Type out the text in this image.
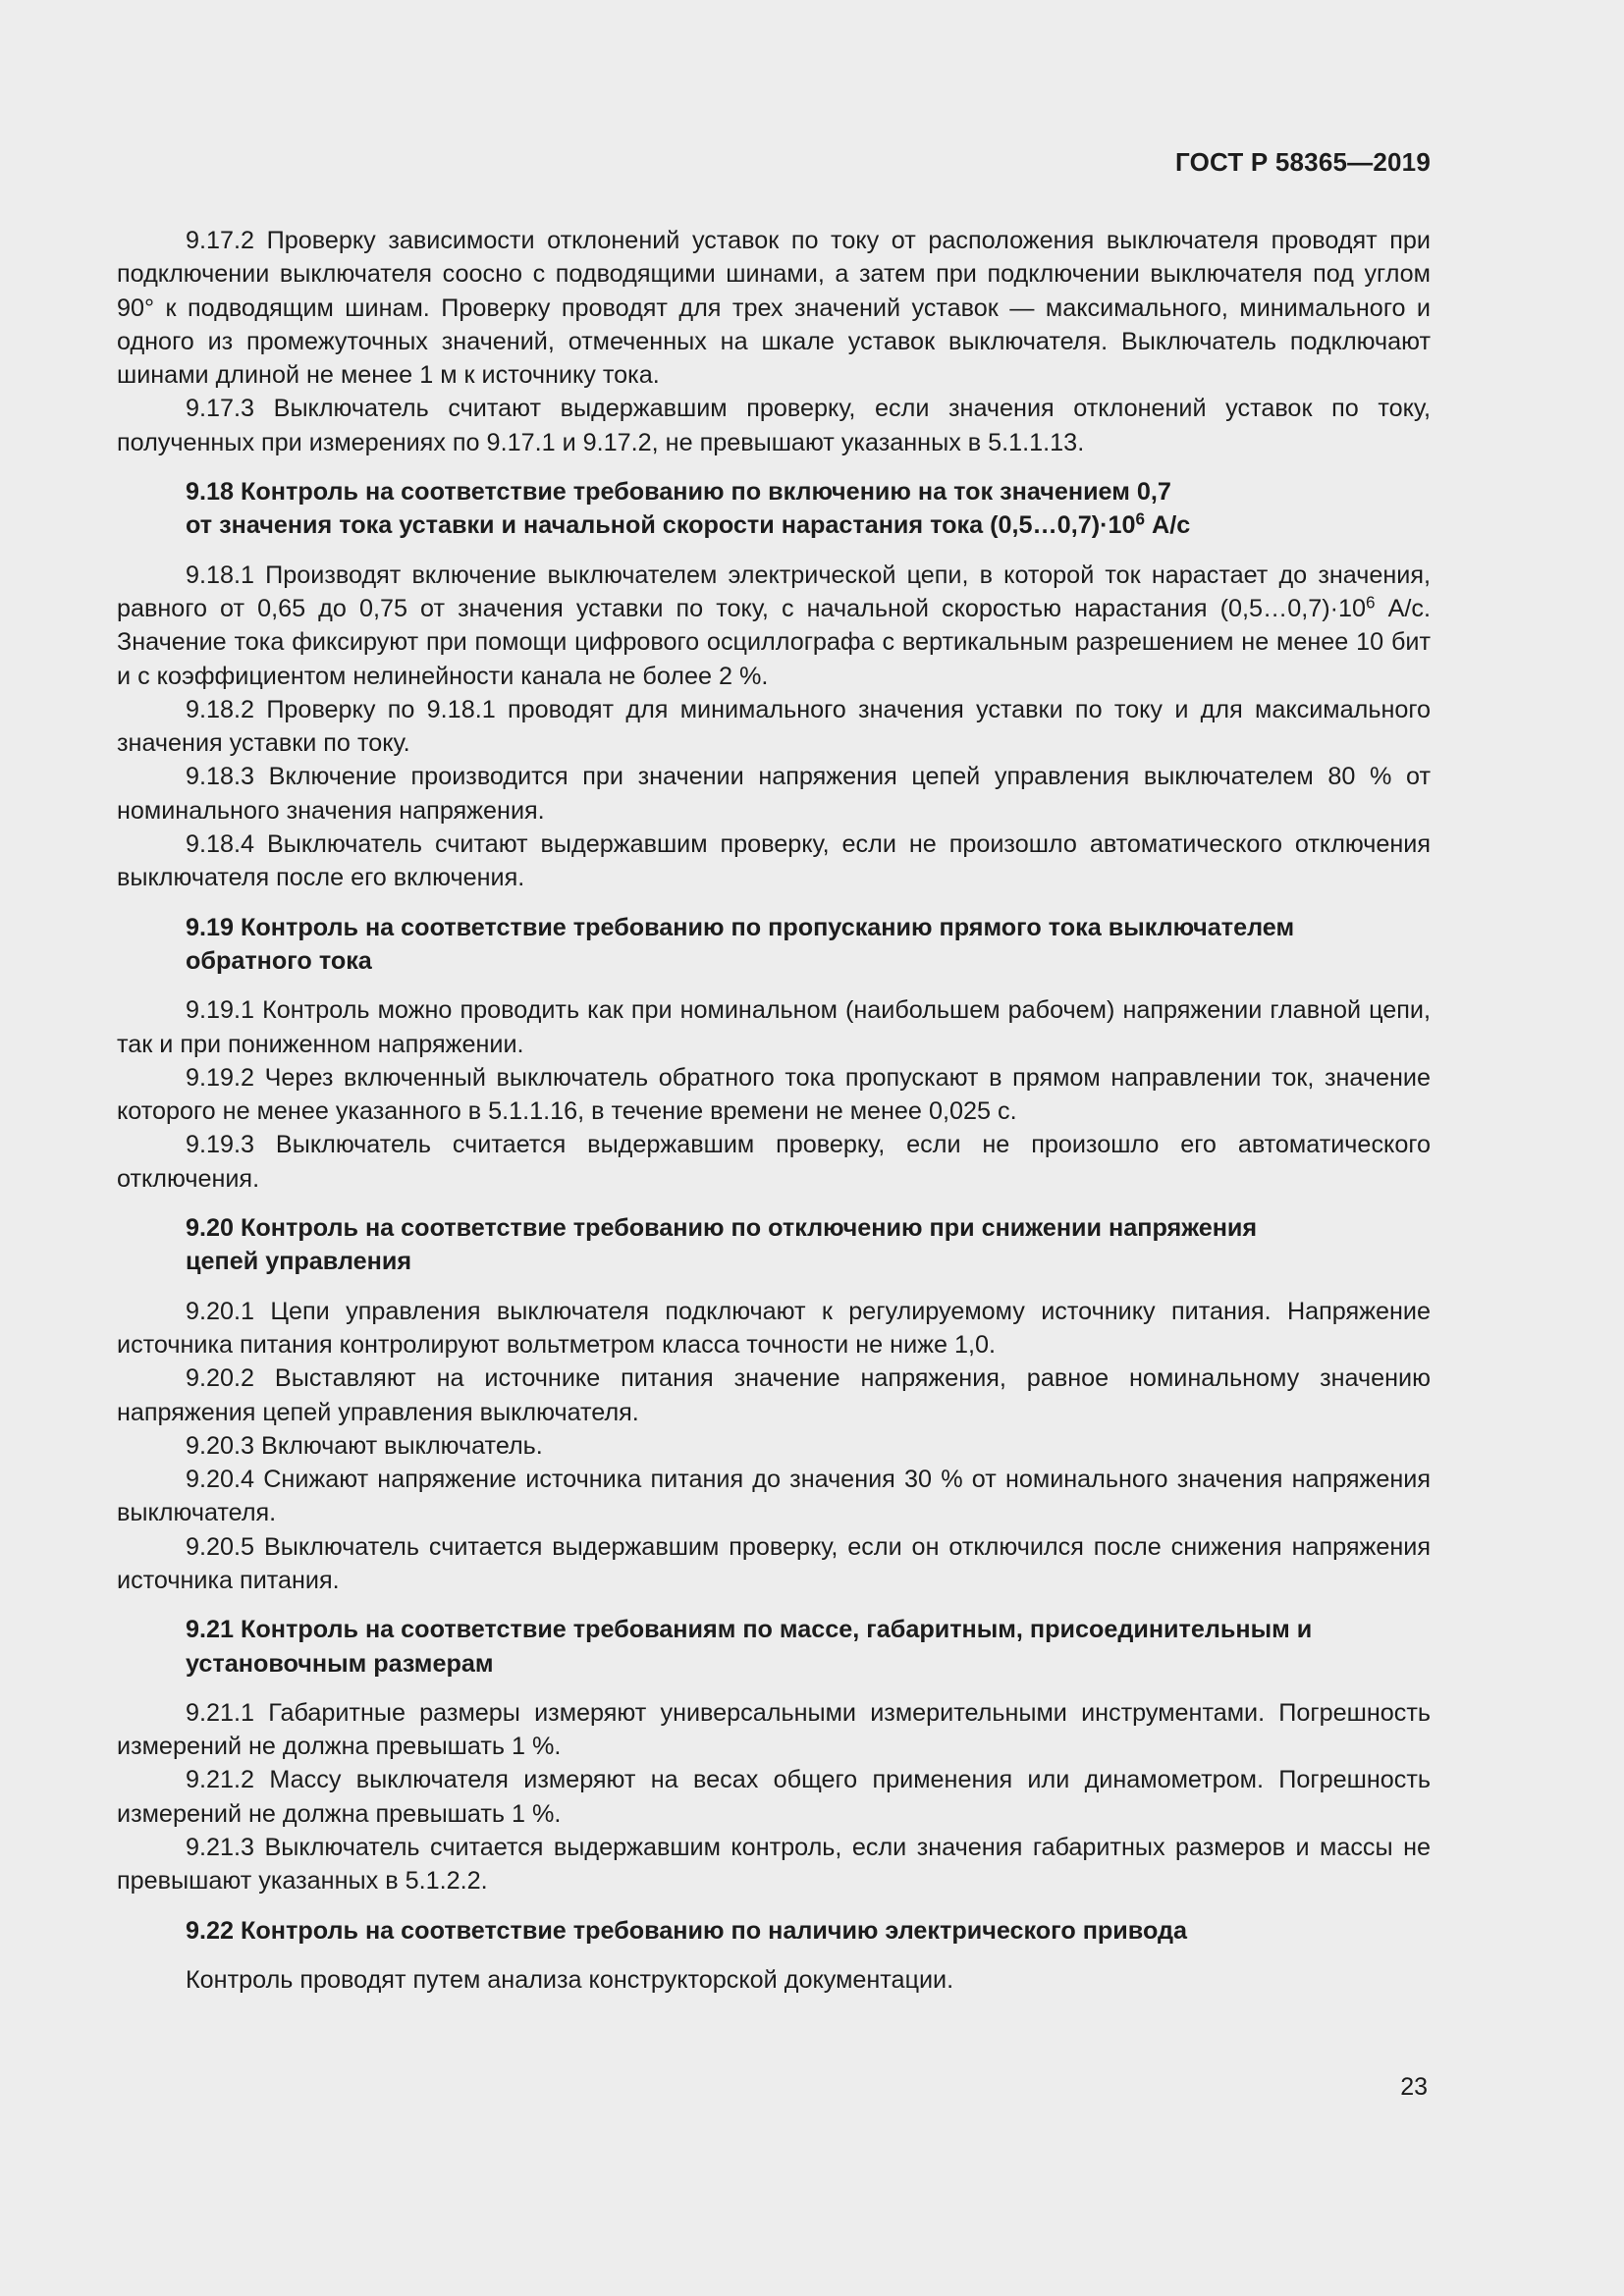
ГОСТ Р 58365—2019

9.17.2 Проверку зависимости отклонений уставок по току от расположения выключателя проводят при подключении выключателя соосно с подводящими шинами, а затем при подключении выключателя под углом 90° к подводящим шинам. Проверку проводят для трех значений уставок — максимального, минимального и одного из промежуточных значений, отмеченных на шкале уставок выключателя. Выключатель подключают шинами длиной не менее 1 м к источнику тока.

9.17.3 Выключатель считают выдержавшим проверку, если значения отклонений уставок по току, полученных при измерениях по 9.17.1 и 9.17.2, не превышают указанных в 5.1.1.13.

9.18 Контроль на соответствие требованию по включению на ток значением 0,7
от значения тока уставки и начальной скорости нарастания тока $(0,5\dots 0,7)\cdot 10^6$ А/с

9.18.1 Производят включение выключателем электрической цепи, в которой ток нарастает до значения, равного от 0,65 до 0,75 от значения уставки по току, с начальной скоростью нарастания $(0,5\dots 0,7)\cdot 10^6$ А/с. Значение тока фиксируют при помощи цифрового осциллографа с вертикальным разрешением не менее 10 бит и с коэффициентом нелинейности канала не более 2 %.

9.18.2 Проверку по 9.18.1 проводят для минимального значения уставки по току и для максимального значения уставки по току.

9.18.3 Включение производится при значении напряжения цепей управления выключателем 80 % от номинального значения напряжения.

9.18.4 Выключатель считают выдержавшим проверку, если не произошло автоматического отключения выключателя после его включения.

9.19 Контроль на соответствие требованию по пропусканию прямого тока выключателем
обратного тока

9.19.1 Контроль можно проводить как при номинальном (наибольшем рабочем) напряжении главной цепи, так и при пониженном напряжении.

9.19.2 Через включенный выключатель обратного тока пропускают в прямом направлении ток, значение которого не менее указанного в 5.1.1.16, в течение времени не менее 0,025 с.

9.19.3 Выключатель считается выдержавшим проверку, если не произошло его автоматического отключения.

9.20 Контроль на соответствие требованию по отключению при снижении напряжения
цепей управления

9.20.1 Цепи управления выключателя подключают к регулируемому источнику питания. Напряжение источника питания контролируют вольтметром класса точности не ниже 1,0.

9.20.2 Выставляют на источнике питания значение напряжения, равное номинальному значению напряжения цепей управления выключателя.

9.20.3 Включают выключатель.

9.20.4 Снижают напряжение источника питания до значения 30 % от номинального значения напряжения выключателя.

9.20.5 Выключатель считается выдержавшим проверку, если он отключился после снижения напряжения источника питания.

9.21 Контроль на соответствие требованиям по массе, габаритным, присоединительным и
установочным размерам

9.21.1 Габаритные размеры измеряют универсальными измерительными инструментами. Погрешность измерений не должна превышать 1 %.

9.21.2 Массу выключателя измеряют на весах общего применения или динамометром. Погрешность измерений не должна превышать 1 %.

9.21.3 Выключатель считается выдержавшим контроль, если значения габаритных размеров и массы не превышают указанных в 5.1.2.2.

9.22 Контроль на соответствие требованию по наличию электрического привода

Контроль проводят путем анализа конструкторской документации.

23
